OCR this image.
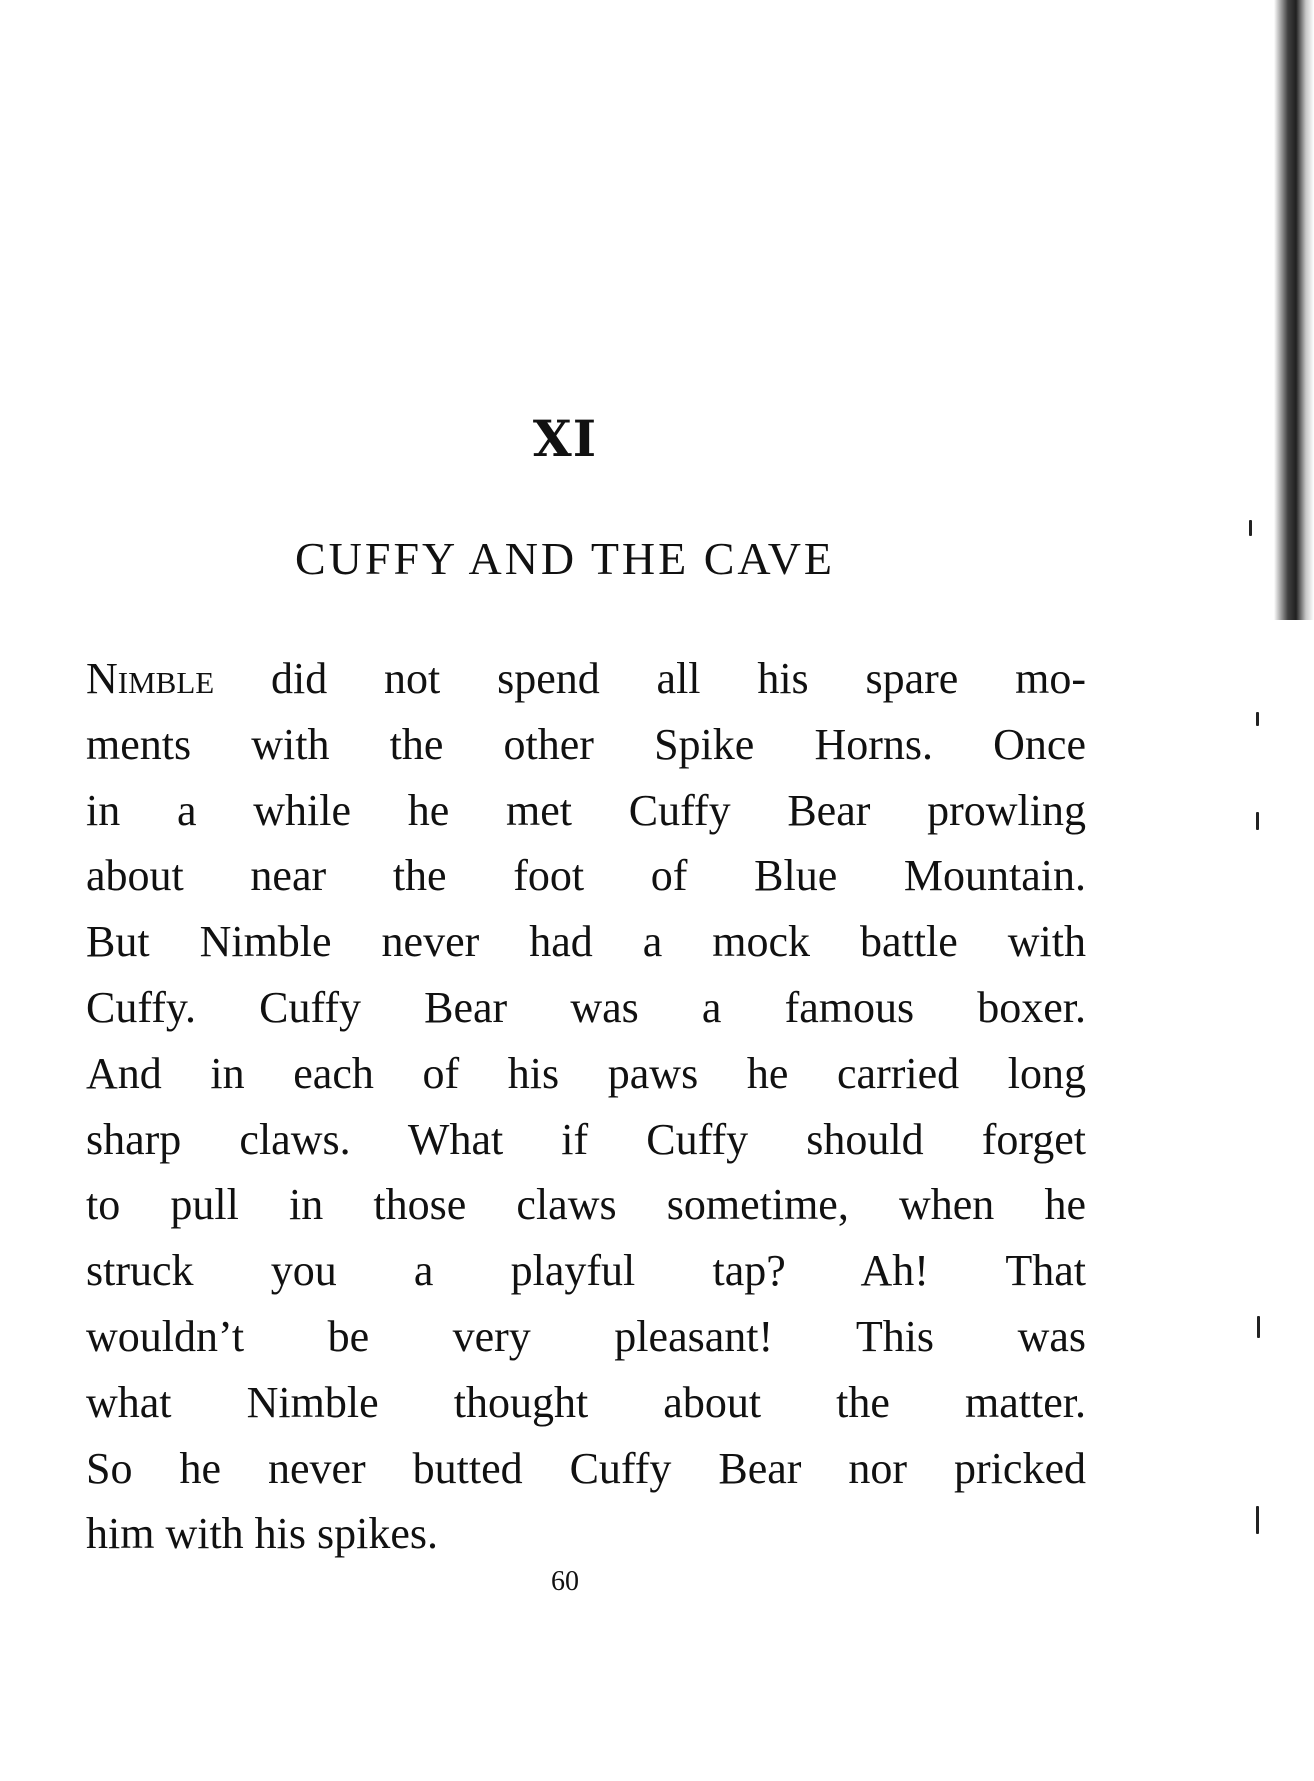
XI
CUFFY AND THE CAVE
Nimble did not spend all his spare mo-
ments with the other Spike Horns. Once
in a while he met Cuffy Bear prowling
about near the foot of Blue Mountain.
But Nimble never had a mock battle with
Cuffy. Cuffy Bear was a famous boxer.
And in each of his paws he carried long
sharp claws. What if Cuffy should forget
to pull in those claws sometime, when he
struck you a playful tap? Ah! That
wouldn’t be very pleasant! This was
what Nimble thought about the matter.
So he never butted Cuffy Bear nor pricked
him with his spikes.
60
